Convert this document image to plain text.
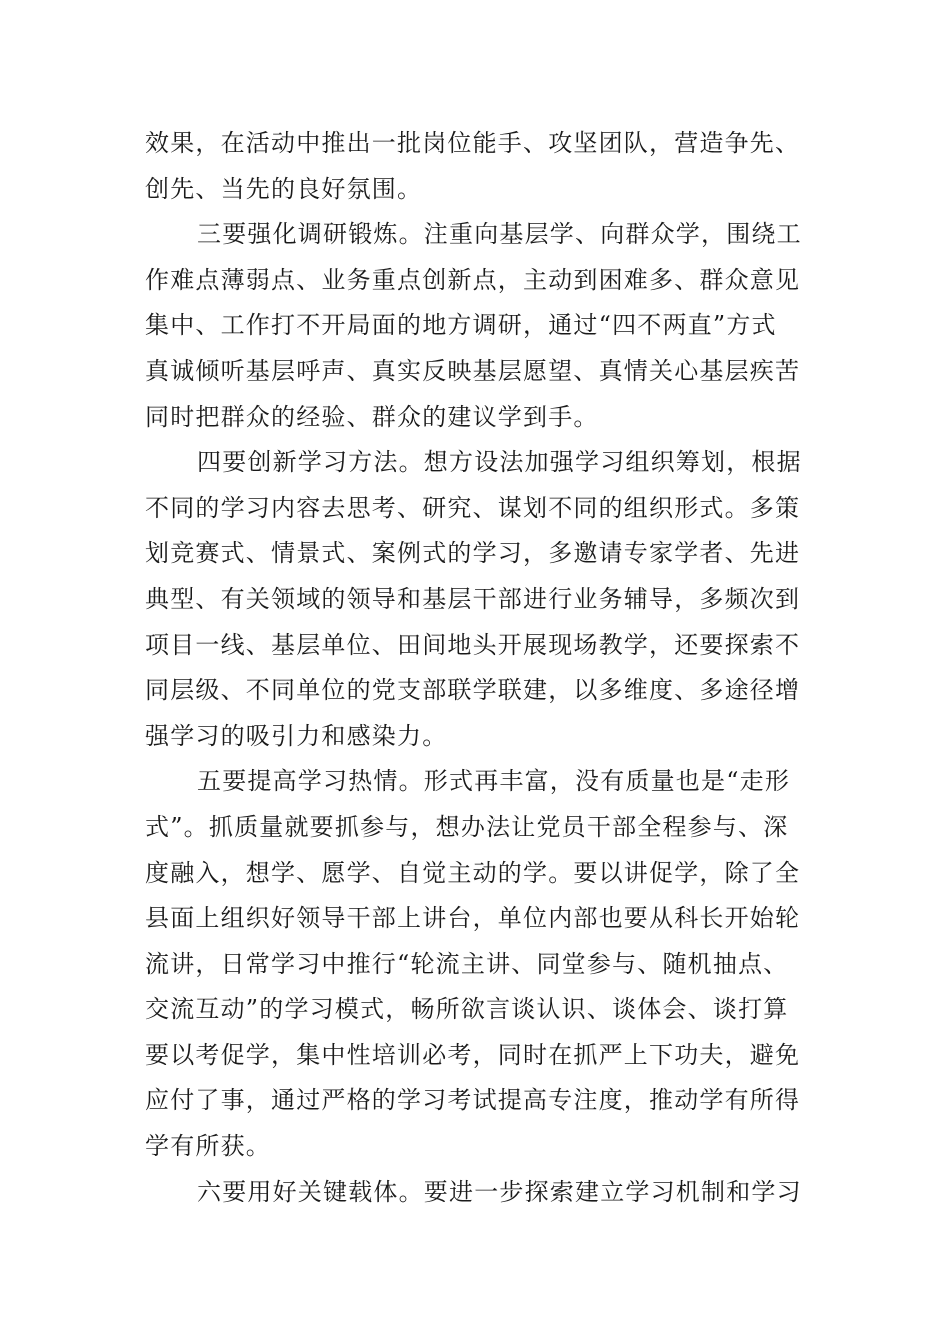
效果，在活动中推出一批岗位能手、攻坚团队，营造争先、
创先、当先的良好氛围。
三要强化调研锻炼。注重向基层学、向群众学，围绕工
作难点薄弱点、业务重点创新点，主动到困难多、群众意见
集中、工作打不开局面的地方调研，通过“四不两直”方式
真诚倾听基层呼声、真实反映基层愿望、真情关心基层疾苦
同时把群众的经验、群众的建议学到手。
四要创新学习方法。想方设法加强学习组织筹划，根据
不同的学习内容去思考、研究、谋划不同的组织形式。多策
划竞赛式、情景式、案例式的学习，多邀请专家学者、先进
典型、有关领域的领导和基层干部进行业务辅导，多频次到
项目一线、基层单位、田间地头开展现场教学，还要探索不
同层级、不同单位的党支部联学联建，以多维度、多途径增
强学习的吸引力和感染力。
五要提高学习热情。形式再丰富，没有质量也是“走形
式”。抓质量就要抓参与，想办法让党员干部全程参与、深
度融入，想学、愿学、自觉主动的学。要以讲促学，除了全
县面上组织好领导干部上讲台，单位内部也要从科长开始轮
流讲，日常学习中推行“轮流主讲、同堂参与、随机抽点、
交流互动”的学习模式，畅所欲言谈认识、谈体会、谈打算
要以考促学，集中性培训必考，同时在抓严上下功夫，避免
应付了事，通过严格的学习考试提高专注度，推动学有所得
学有所获。
六要用好关键载体。要进一步探索建立学习机制和学习
